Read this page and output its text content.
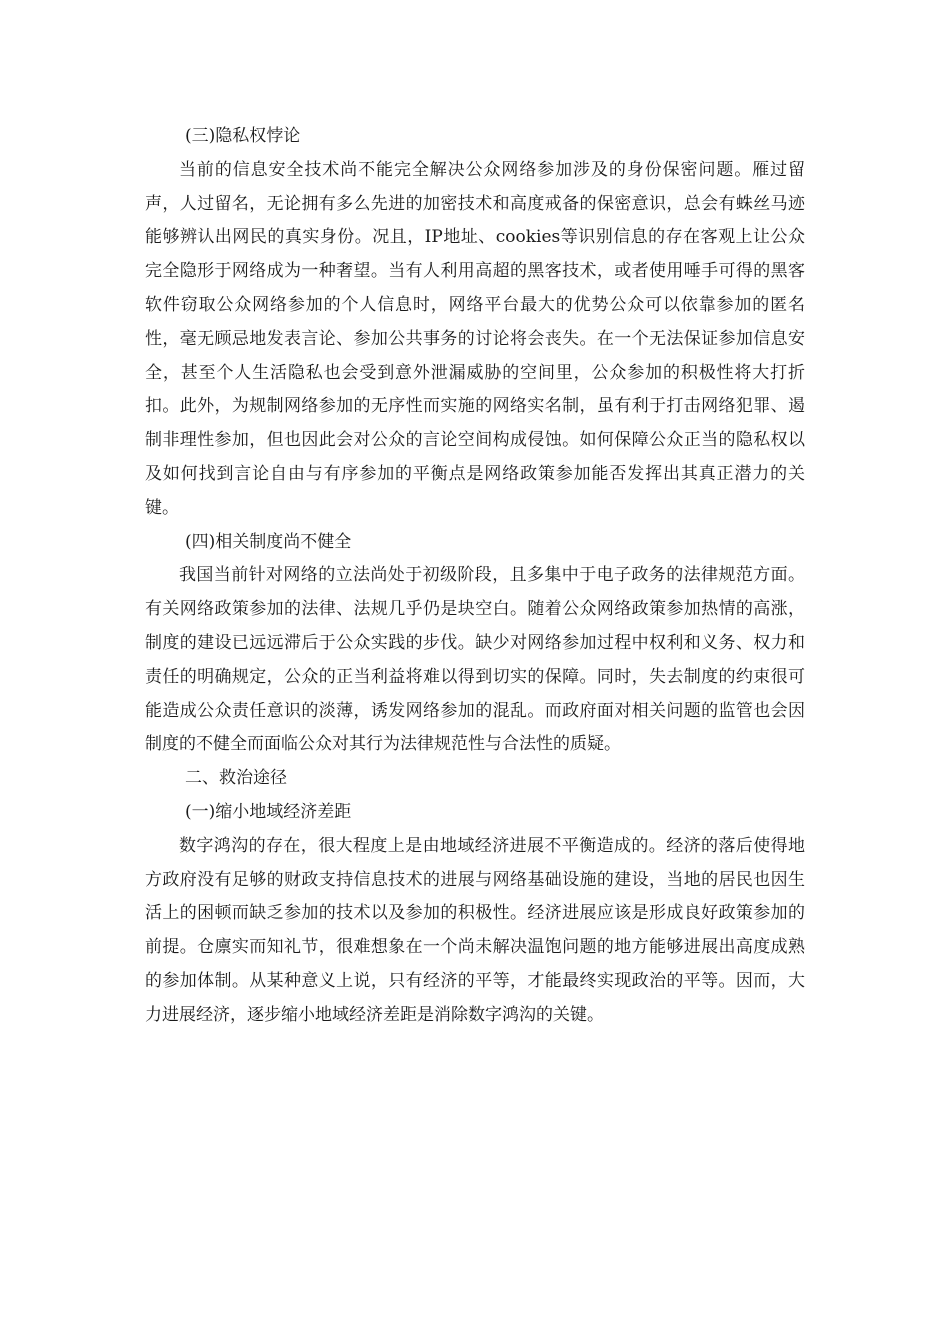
(三)隐私权悖论

当前的信息安全技术尚不能完全解决公众网络参加涉及的身份保密问题。雁过留声，人过留名，无论拥有多么先进的加密技术和高度戒备的保密意识，总会有蛛丝马迹能够辨认出网民的真实身份。况且，IP地址、cookies等识别信息的存在客观上让公众完全隐形于网络成为一种奢望。当有人利用高超的黑客技术，或者使用唾手可得的黑客软件窃取公众网络参加的个人信息时，网络平台最大的优势公众可以依靠参加的匿名性，毫无顾忌地发表言论、参加公共事务的讨论将会丧失。在一个无法保证参加信息安全，甚至个人生活隐私也会受到意外泄漏威胁的空间里，公众参加的积极性将大打折扣。此外，为规制网络参加的无序性而实施的网络实名制，虽有利于打击网络犯罪、遏制非理性参加，但也因此会对公众的言论空间构成侵蚀。如何保障公众正当的隐私权以及如何找到言论自由与有序参加的平衡点是网络政策参加能否发挥出其真正潜力的关键。

(四)相关制度尚不健全

我国当前针对网络的立法尚处于初级阶段，且多集中于电子政务的法律规范方面。有关网络政策参加的法律、法规几乎仍是块空白。随着公众网络政策参加热情的高涨，制度的建设已远远滞后于公众实践的步伐。缺少对网络参加过程中权利和义务、权力和责任的明确规定，公众的正当利益将难以得到切实的保障。同时，失去制度的约束很可能造成公众责任意识的淡薄，诱发网络参加的混乱。而政府面对相关问题的监管也会因制度的不健全而面临公众对其行为法律规范性与合法性的质疑。

二、救治途径

(一)缩小地域经济差距

数字鸿沟的存在，很大程度上是由地域经济进展不平衡造成的。经济的落后使得地方政府没有足够的财政支持信息技术的进展与网络基础设施的建设，当地的居民也因生活上的困顿而缺乏参加的技术以及参加的积极性。经济进展应该是形成良好政策参加的前提。仓廪实而知礼节，很难想象在一个尚未解决温饱问题的地方能够进展出高度成熟的参加体制。从某种意义上说，只有经济的平等，才能最终实现政治的平等。因而，大力进展经济，逐步缩小地域经济差距是消除数字鸿沟的关键。
